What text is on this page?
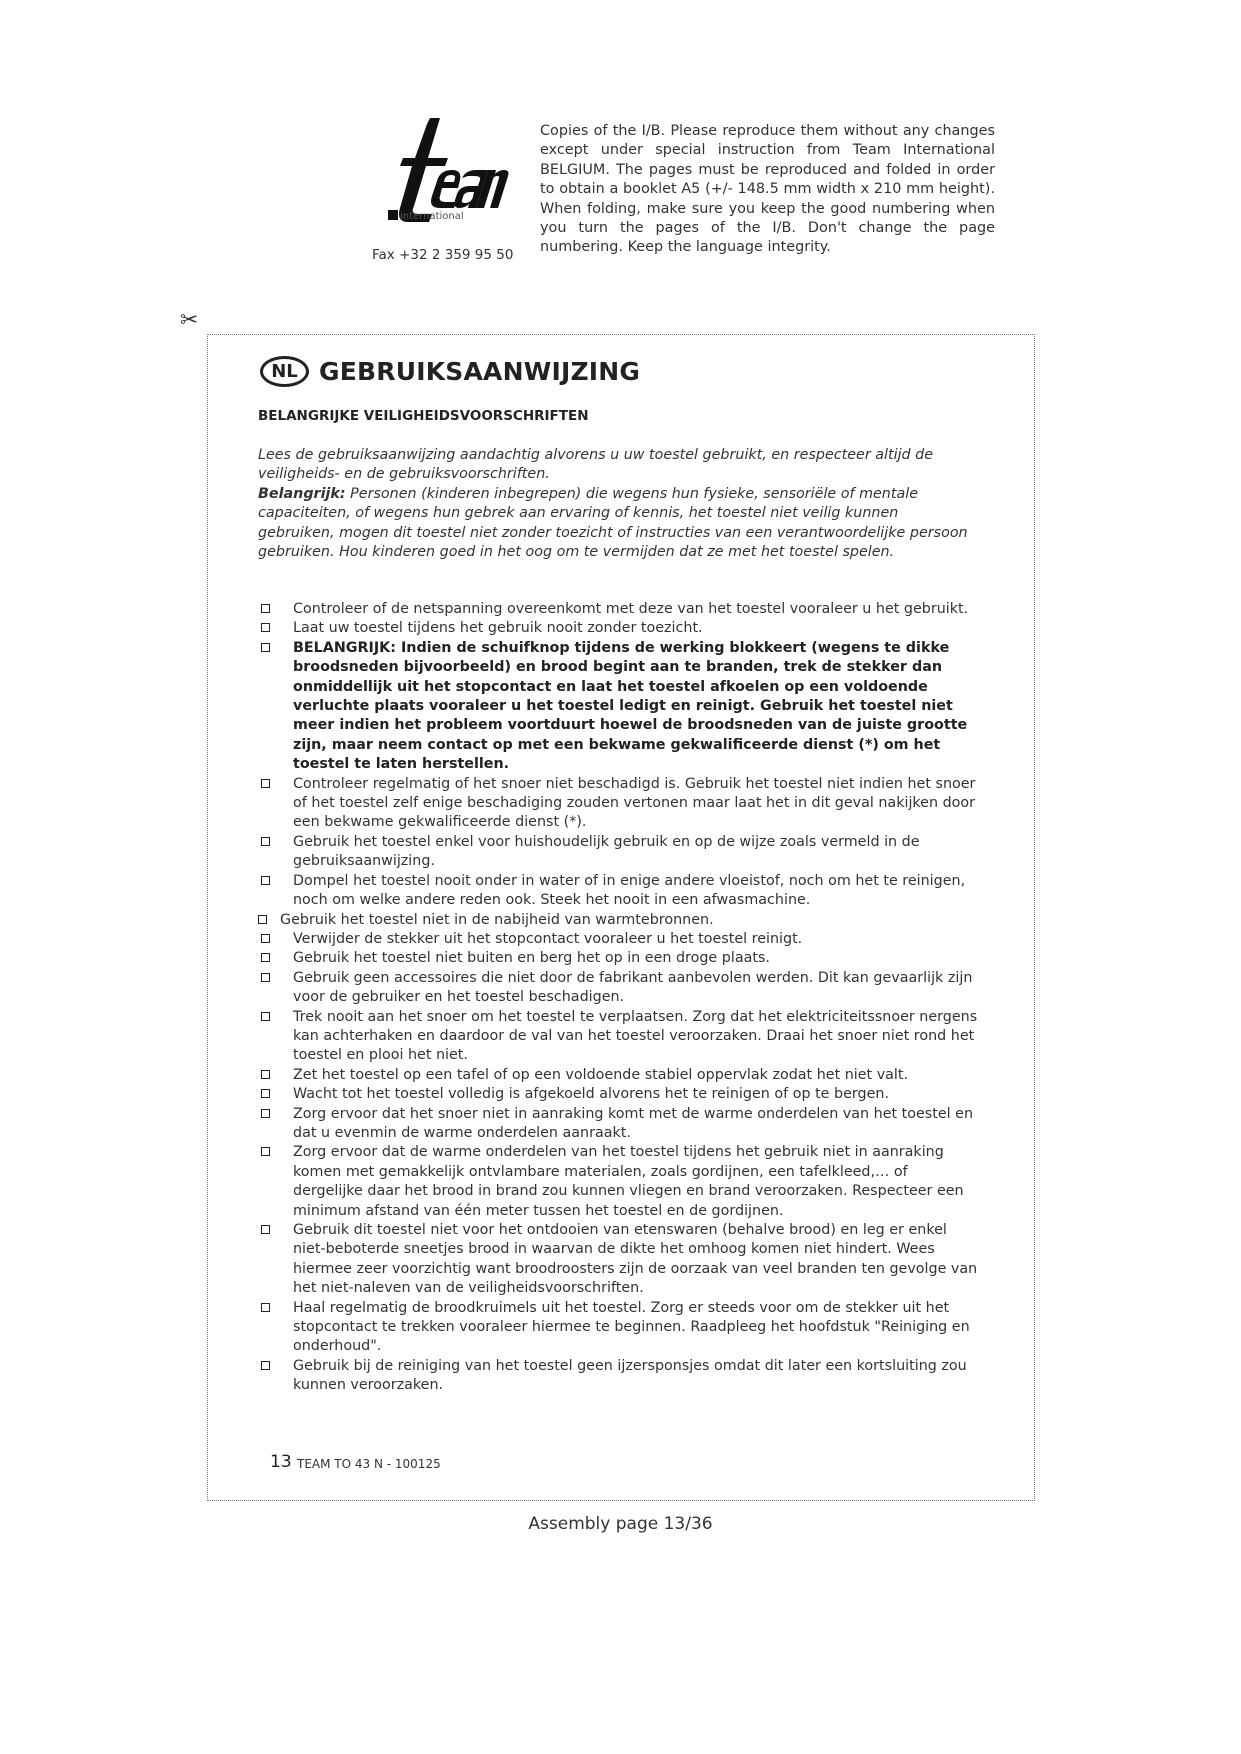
international
Fax +32 2 359 95 50
Copies of the I/B. Please reproduce them without any changes except under special instruction from Team International BELGIUM. The pages must be reproduced and folded in order to obtain a booklet A5 (+/- 148.5 mm width x 210 mm height). When folding, make sure you keep the good numbering when you turn the pages of the I/B. Don't change the page numbering. Keep the language integrity.
✂
NL GEBRUIKSAANWIJZING
BELANGRIJKE VEILIGHEIDSVOORSCHRIFTEN
Lees de gebruiksaanwijzing aandachtig alvorens u uw toestel gebruikt, en respecteer altijd de veiligheids- en de gebruiksvoorschriften.
Belangrijk: Personen (kinderen inbegrepen) die wegens hun fysieke, sensoriële of mentale capaciteiten, of wegens hun gebrek aan ervaring of kennis, het toestel niet veilig kunnen gebruiken, mogen dit toestel niet zonder toezicht of instructies van een verantwoordelijke persoon gebruiken. Hou kinderen goed in het oog om te vermijden dat ze met het toestel spelen.
Controleer of de netspanning overeenkomt met deze van het toestel vooraleer u het gebruikt.
Laat uw toestel tijdens het gebruik nooit zonder toezicht.
BELANGRIJK: Indien de schuifknop tijdens de werking blokkeert (wegens te dikke broodsneden bijvoorbeeld) en brood begint aan te branden, trek de stekker dan onmiddellijk uit het stopcontact en laat het toestel afkoelen op een voldoende verluchte plaats vooraleer u het toestel ledigt en reinigt. Gebruik het toestel niet meer indien het probleem voortduurt hoewel de broodsneden van de juiste grootte zijn, maar neem contact op met een bekwame gekwalificeerde dienst (*) om het toestel te laten herstellen.
Controleer regelmatig of het snoer niet beschadigd is. Gebruik het toestel niet indien het snoer of het toestel zelf enige beschadiging zouden vertonen maar laat het in dit geval nakijken door een bekwame gekwalificeerde dienst (*).
Gebruik het toestel enkel voor huishoudelijk gebruik en op de wijze zoals vermeld in de gebruiksaanwijzing.
Dompel het toestel nooit onder in water of in enige andere vloeistof, noch om het te reinigen, noch om welke andere reden ook. Steek het nooit in een afwasmachine.
Gebruik het toestel niet in de nabijheid van warmtebronnen.
Verwijder de stekker uit het stopcontact vooraleer u het toestel reinigt.
Gebruik het toestel niet buiten en berg het op in een droge plaats.
Gebruik geen accessoires die niet door de fabrikant aanbevolen werden. Dit kan gevaarlijk zijn voor de gebruiker en het toestel beschadigen.
Trek nooit aan het snoer om het toestel te verplaatsen. Zorg dat het elektriciteitssnoer nergens kan achterhaken en daardoor de val van het toestel veroorzaken. Draai het snoer niet rond het toestel en plooi het niet.
Zet het toestel op een tafel of op een voldoende stabiel oppervlak zodat het niet valt.
Wacht tot het toestel volledig is afgekoeld alvorens het te reinigen of op te bergen.
Zorg ervoor dat het snoer niet in aanraking komt met de warme onderdelen van het toestel en dat u evenmin de warme onderdelen aanraakt.
Zorg ervoor dat de warme onderdelen van het toestel tijdens het gebruik niet in aanraking komen met gemakkelijk ontvlambare materialen, zoals gordijnen, een tafelkleed,… of dergelijke daar het brood in brand zou kunnen vliegen en brand veroorzaken. Respecteer een minimum afstand van één meter tussen het toestel en de gordijnen.
Gebruik dit toestel niet voor het ontdooien van etenswaren (behalve brood) en leg er enkel niet-beboterde sneetjes brood in waarvan de dikte het omhoog komen niet hindert. Wees hiermee zeer voorzichtig want broodroosters zijn de oorzaak van veel branden ten gevolge van het niet-naleven van de veiligheidsvoorschriften.
Haal regelmatig de broodkruimels uit het toestel. Zorg er steeds voor om de stekker uit het stopcontact te trekken vooraleer hiermee te beginnen. Raadpleeg het hoofdstuk "Reiniging en onderhoud".
Gebruik bij de reiniging van het toestel geen ijzersponsjes omdat dit later een kortsluiting zou kunnen veroorzaken.
13 TEAM TO 43 N - 100125
Assembly page 13/36
